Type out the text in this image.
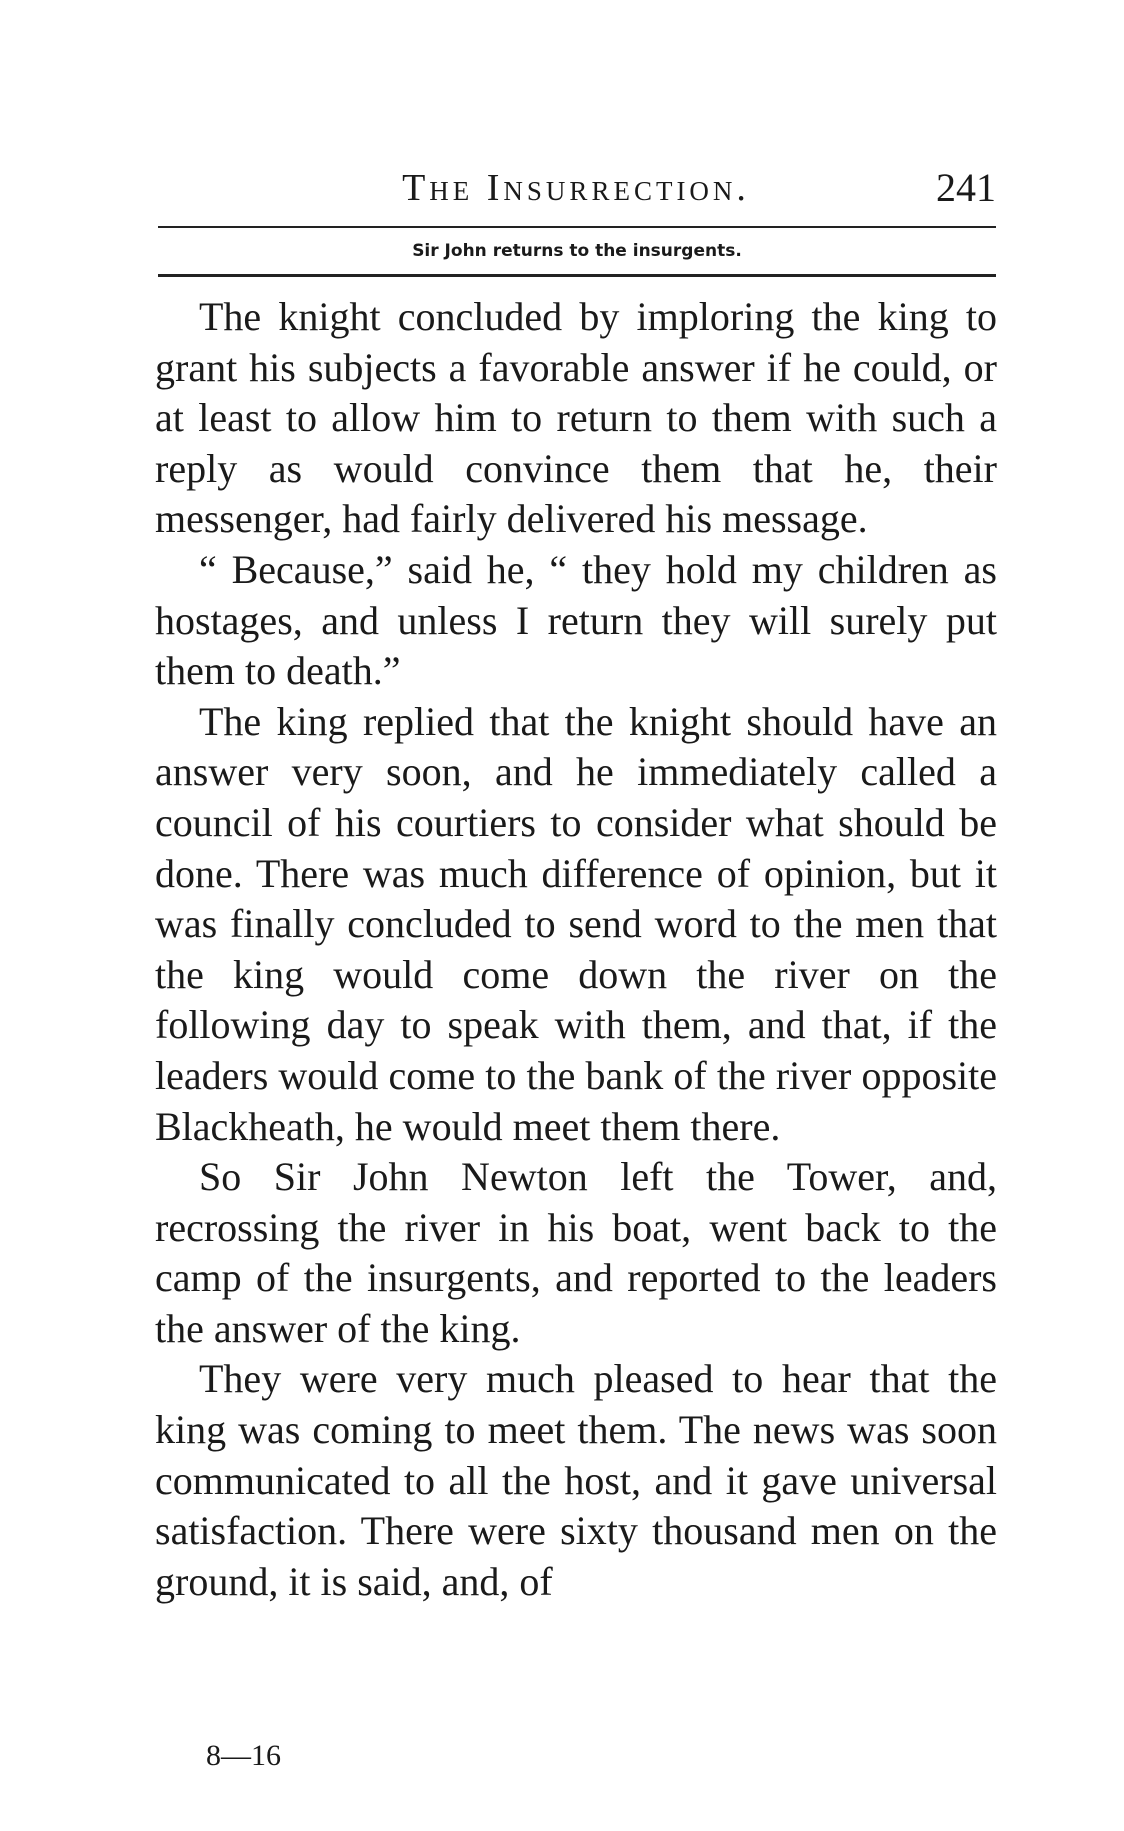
The Insurrection.	241
Sir John returns to the insurgents.

The knight concluded by imploring the king to grant his subjects a favorable answer if he could, or at least to allow him to return to them with such a reply as would convince them that he, their messenger, had fairly delivered his message.

“ Because,” said he, “ they hold my children as hostages, and unless I return they will surely put them to death.”

The king replied that the knight should have an answer very soon, and he immediately called a council of his courtiers to consider what should be done. There was much difference of opinion, but it was finally concluded to send word to the men that the king would come down the river on the following day to speak with them, and that, if the leaders would come to the bank of the river opposite Blackheath, he would meet them there.

So Sir John Newton left the Tower, and, recrossing the river in his boat, went back to the camp of the insurgents, and reported to the leaders the answer of the king.

They were very much pleased to hear that the king was coming to meet them. The news was soon communicated to all the host, and it gave universal satisfaction. There were sixty thousand men on the ground, it is said, and, of

8—16
